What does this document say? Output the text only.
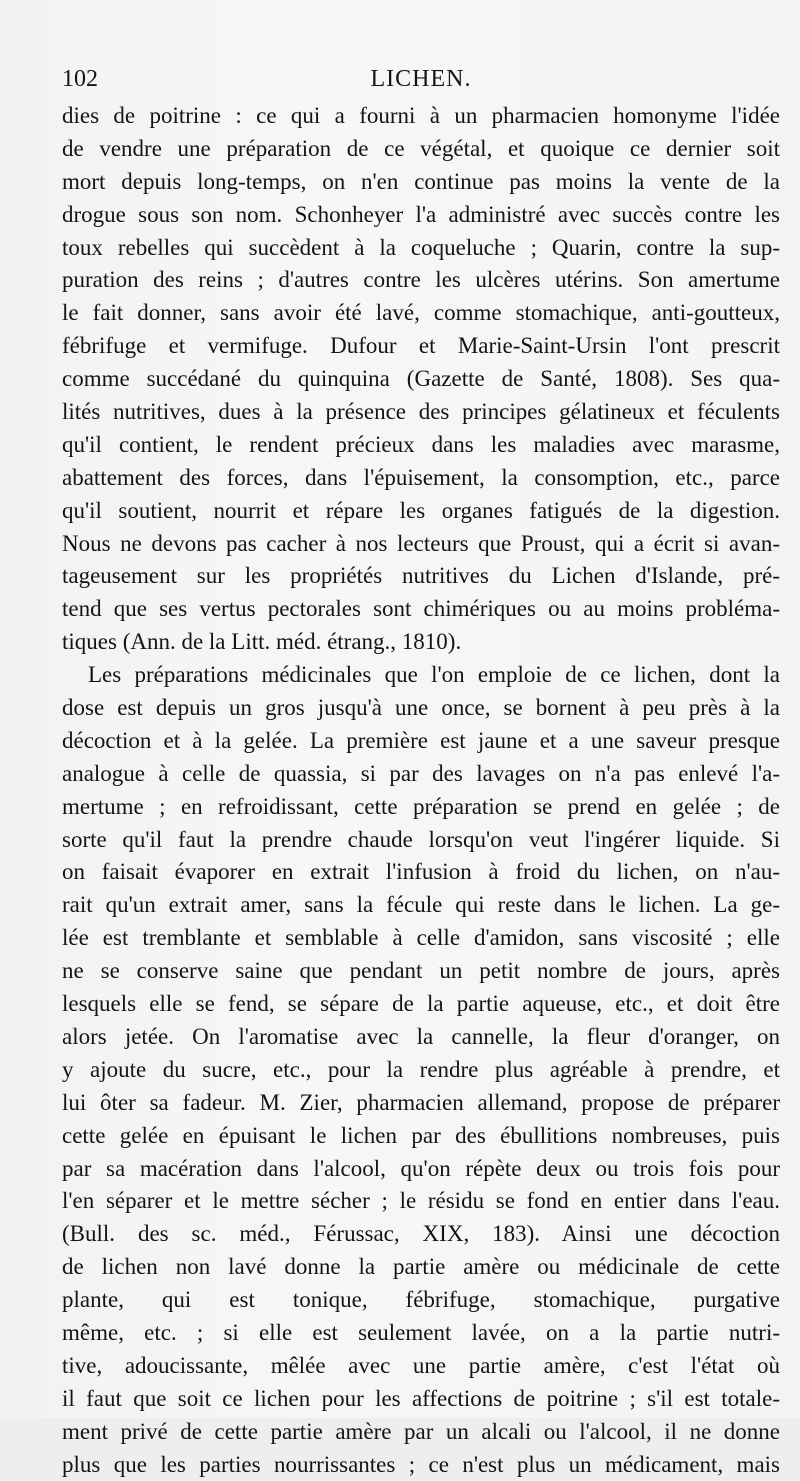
102	LICHEN.
dies de poitrine : ce qui a fourni à un pharmacien homonyme l'idée
de vendre une préparation de ce végétal, et quoique ce dernier soit
mort depuis long-temps, on n'en continue pas moins la vente de la
drogue sous son nom. Schonheyer l'a administré avec succès contre les
toux rebelles qui succèdent à la coqueluche ; Quarin, contre la sup-
puration des reins ; d'autres contre les ulcères utérins. Son amertume
le fait donner, sans avoir été lavé, comme stomachique, anti-goutteux,
fébrifuge et vermifuge. Dufour et Marie-Saint-Ursin l'ont prescrit
comme succédané du quinquina (Gazette de Santé, 1808). Ses qua-
lités nutritives, dues à la présence des principes gélatineux et féculents
qu'il contient, le rendent précieux dans les maladies avec marasme,
abattement des forces, dans l'épuisement, la consomption, etc., parce
qu'il soutient, nourrit et répare les organes fatigués de la digestion.
Nous ne devons pas cacher à nos lecteurs que Proust, qui a écrit si avan-
tageusement sur les propriétés nutritives du Lichen d'Islande, pré-
tend que ses vertus pectorales sont chimériques ou au moins probléma-
tiques (Ann. de la Litt. méd. étrang., 1810).
Les préparations médicinales que l'on emploie de ce lichen, dont la
dose est depuis un gros jusqu'à une once, se bornent à peu près à la
décoction et à la gelée. La première est jaune et a une saveur presque
analogue à celle de quassia, si par des lavages on n'a pas enlevé l'a-
mertume ; en refroidissant, cette préparation se prend en gelée ; de
sorte qu'il faut la prendre chaude lorsqu'on veut l'ingérer liquide. Si
on faisait évaporer en extrait l'infusion à froid du lichen, on n'au-
rait qu'un extrait amer, sans la fécule qui reste dans le lichen. La ge-
lée est tremblante et semblable à celle d'amidon, sans viscosité ; elle
ne se conserve saine que pendant un petit nombre de jours, après
lesquels elle se fend, se sépare de la partie aqueuse, etc., et doit être
alors jetée. On l'aromatise avec la cannelle, la fleur d'oranger, on
y ajoute du sucre, etc., pour la rendre plus agréable à prendre, et
lui ôter sa fadeur. M. Zier, pharmacien allemand, propose de préparer
cette gelée en épuisant le lichen par des ébullitions nombreuses, puis
par sa macération dans l'alcool, qu'on répète deux ou trois fois pour
l'en séparer et le mettre sécher ; le résidu se fond en entier dans l'eau.
(Bull. des sc. méd., Férussac, XIX, 183). Ainsi une décoction
de lichen non lavé donne la partie amère ou médicinale de cette
plante, qui est tonique, fébrifuge, stomachique, purgative
même, etc. ; si elle est seulement lavée, on a la partie nutri-
tive, adoucissante, mêlée avec une partie amère, c'est l'état où
il faut que soit ce lichen pour les affections de poitrine ; s'il est totale-
ment privé de cette partie amère par un alcali ou l'alcool, il ne donne
plus que les parties nourrissantes ; ce n'est plus un médicament, mais
